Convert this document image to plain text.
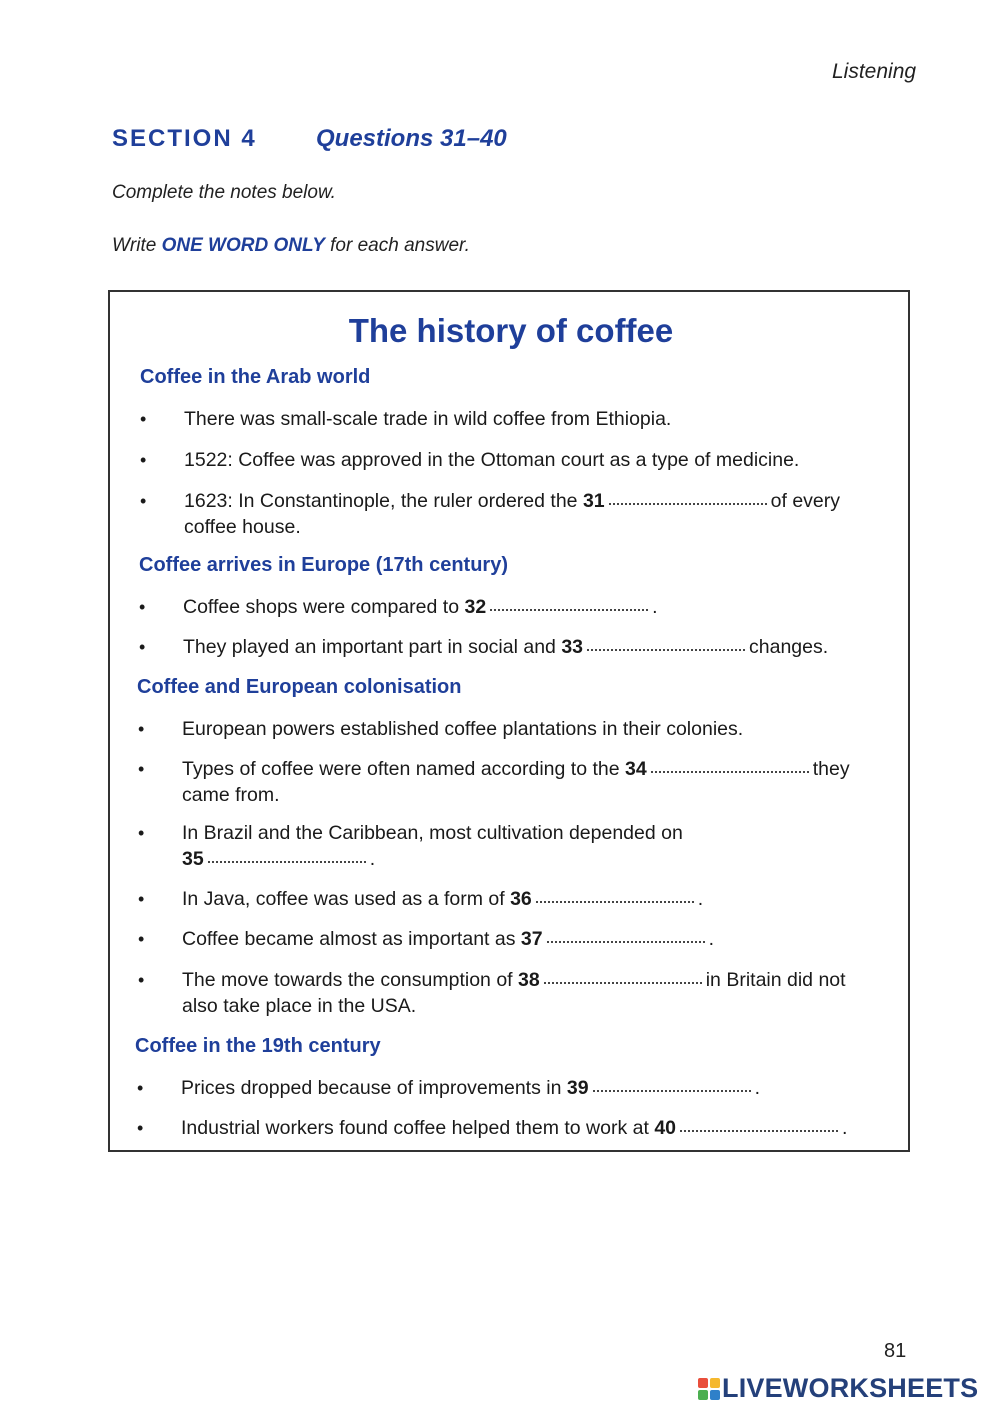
Listening
SECTION 4 Questions 31–40
Complete the notes below.
Write ONE WORD ONLY for each answer.
The history of coffee
Coffee in the Arab world
• There was small-scale trade in wild coffee from Ethiopia.
• 1522: Coffee was approved in the Ottoman court as a type of medicine.
• 1623: In Constantinople, the ruler ordered the 31	of every
coffee house.
Coffee arrives in Europe (17th century)
• Coffee shops were compared to 32	.
• They played an important part in social and 33	changes.
Coffee and European colonisation
• European powers established coffee plantations in their colonies.
• Types of coffee were often named according to the 34	they
came from.
• In Brazil and the Caribbean, most cultivation depended on
35	.
• In Java, coffee was used as a form of 36	.
• Coffee became almost as important as 37	.
• The move towards the consumption of 38	in Britain did not
also take place in the USA.
Coffee in the 19th century
• Prices dropped because of improvements in 39	.
• Industrial workers found coffee helped them to work at 40	.
81
LIVEWORKSHEETS
